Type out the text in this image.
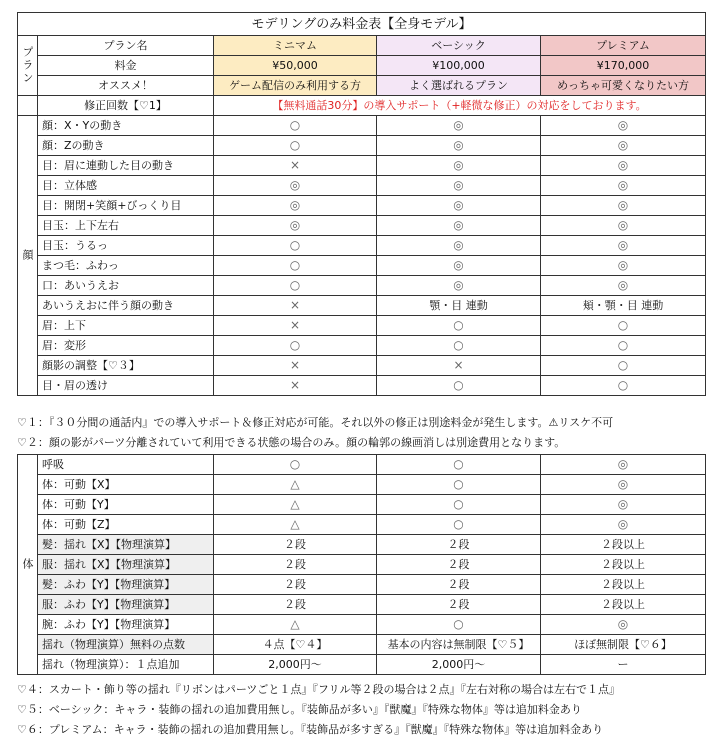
モデリングのみ料金表【全身モデル】				
プラン	プラン名	ミニマム	ベーシック	プレミアム
	料金	¥50,000	¥100,000	¥170,000
	オススメ！	ゲーム配信のみ利用する方	よく選ばれるプラン	めっちゃ可愛くなりたい方
	修正回数【♡1】	【無料通話30分】の導入サポート（+軽微な修正）の対応をしております。		
顔	顔：X・Yの動き	○	◎	◎
	顔：Zの動き	○	◎	◎
	目：眉に連動した目の動き	×	◎	◎
	目：立体感	◎	◎	◎
	目：開閉+笑顔+びっくり目	◎	◎	◎
	目玉：上下左右	◎	◎	◎
	目玉：うるっ	○	◎	◎
	まつ毛：ふわっ	○	◎	◎
	口：あいうえお	○	◎	◎
	あいうえおに伴う顔の動き	×	顎・目 連動	頬・顎・目 連動
	眉：上下	×	○	○
	眉：変形	○	○	○
	顔影の調整【♡３】	×	×	○
	目・眉の透け	×	○	○
♡１：『３０分間の通話内』での導入サポート＆修正対応が可能。それ以外の修正は別途料金が発生します。⚠リスケ不可
♡２：顔の影がパーツ分離されていて利用できる状態の場合のみ。顔の輪郭の線画消しは別途費用となります。
体	呼吸	○	○	◎
	体：可動【X】	△	○	◎
	体：可動【Y】	△	○	◎
	体：可動【Z】	△	○	◎
	髪：揺れ【X】【物理演算】	２段	２段	２段以上
	服：揺れ【X】【物理演算】	２段	２段	２段以上
	髪：ふわ【Y】【物理演算】	２段	２段	２段以上
	服：ふわ【Y】【物理演算】	２段	２段	２段以上
	腕：ふわ【Y】【物理演算】	△	○	◎
	揺れ（物理演算）無料の点数	４点【♡４】	基本の内容は無制限【♡５】	ほぼ無制限【♡６】
	揺れ（物理演算）：１点追加	2,000円〜	2,000円〜	ー
♡４：スカート・飾り等の揺れ『リボンはパーツごと１点』『フリル等２段の場合は２点』『左右対称の場合は左右で１点』
♡５：ベーシック：キャラ・装飾の揺れの追加費用無し。『装飾品が多い』『獣魔』『特殊な物体』等は追加料金あり
♡６：プレミアム：キャラ・装飾の揺れの追加費用無し。『装飾品が多すぎる』『獣魔』『特殊な物体』等は追加料金あり
